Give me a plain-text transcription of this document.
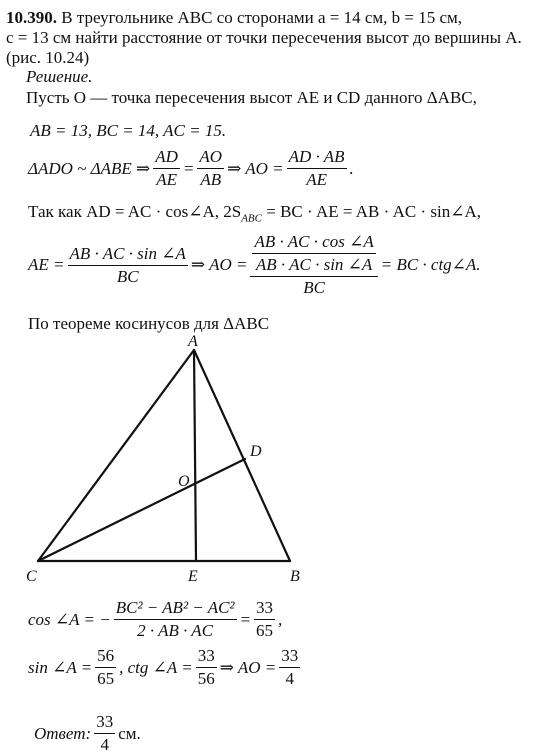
10.390. В треугольнике ABC со сторонами a = 14 см, b = 15 см,
c = 13 см найти расстояние от точки пересечения высот до вершины A.
(рис. 10.24)
Решение.
Пусть O — точка пересечения высот AE и CD данного ΔABC,
AB = 13, BC = 14, AC = 15.
ΔADO ~ ΔABE ⇒ $\frac{AD}{AE} = \frac{AO}{AB}$ ⇒ AO = $\frac{AD \cdot AB}{AE}$ .
Так как AD = AC · cos∠A, $2S_{ABC}$ = BC · AE = AB · AC · sin∠A,
AE = $\frac{AB \cdot AC \cdot \sin \angle A}{BC}$ ⇒ AO = $\frac{\frac{AB \cdot AC \cdot \cos \angle A}{AB \cdot AC \cdot \sin \angle A}}{BC}$ = BC · ctg∠A.
По теореме косинусов для ΔABC
A
B
C
D
E
O
cos ∠A = − $\frac{\text{BC² − AB² − AC²}}{2 \cdot AB \cdot AC} = \frac{33}{65}$ ,
sin ∠A = $\frac{56}{65}$ , ctg ∠A = $\frac{33}{56}$ ⇒ AO = $\frac{33}{4}$
Ответ: $\frac{33}{4}$ см.
